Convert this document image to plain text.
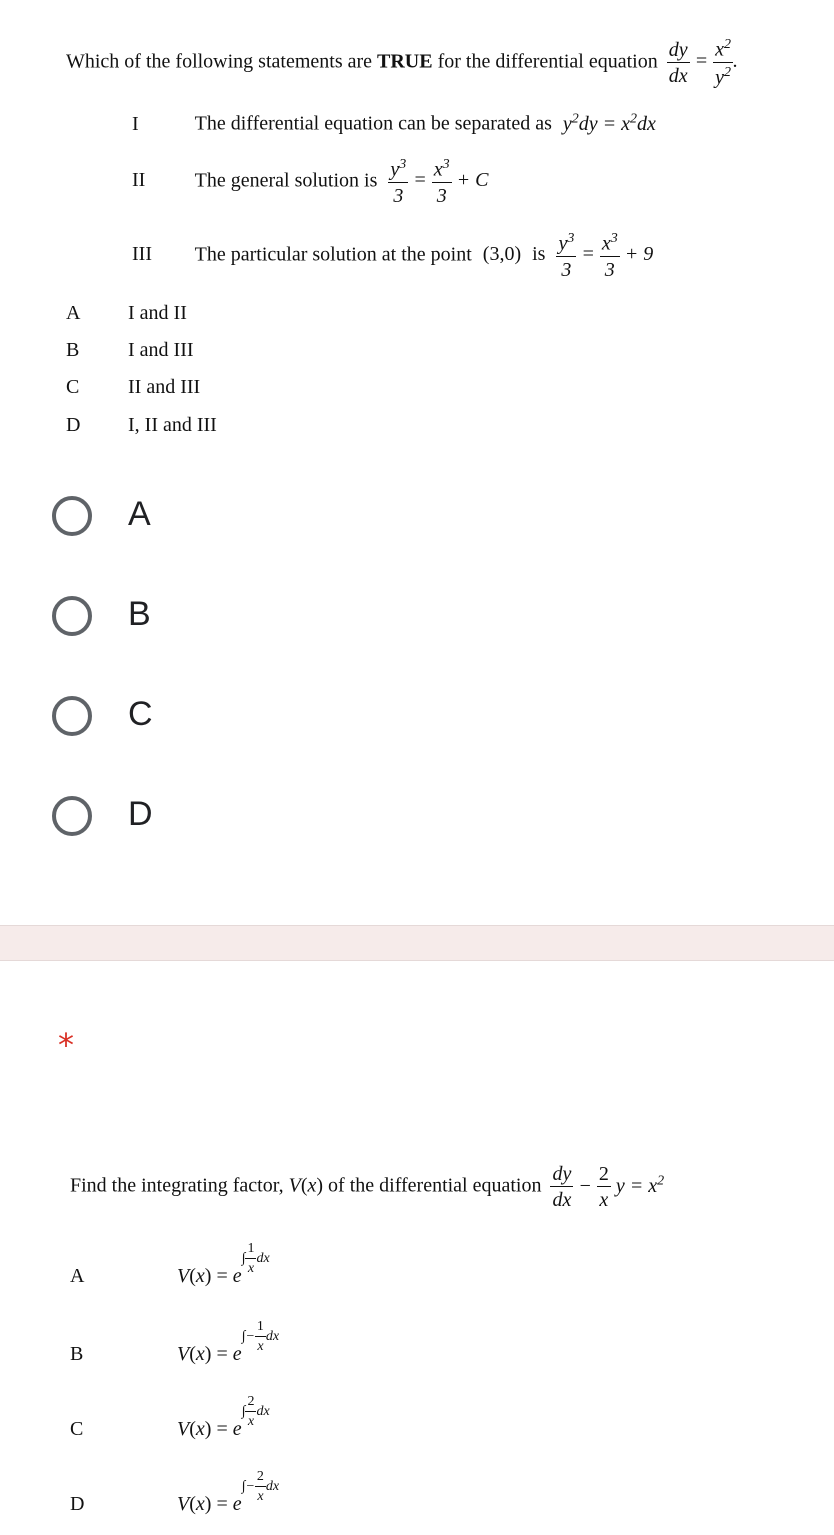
Which of the following statements are TRUE for the differential equation $\frac{dy}{dx} = \frac{x^2}{y^2}$ .
I	The differential equation can be separated as $y^2dy = x^2dx$
II The general solution is $\frac{y^3}{3} = \frac{x^3}{3} + C$
III The particular solution at the point (3,0) is $\frac{y^3}{3} = \frac{x^3}{3} + 9$
A I and II
B I and III
C II and III
D I, II and III
A
B
C
D
*
Find the integrating factor, V(x) of the differential equation $\frac{dy}{dx} - \frac{2}{x}$ $y = x^2$
A	$V(x) = e^{\int \frac{1}{x} dx}$
B	$V(x) = e^{\int- \frac{1}{x} dx}$
C	$V(x) = e^{\int \frac{2}{x} dx}$
D	$V(x) = e^{\int- \frac{2}{x} dx}$
